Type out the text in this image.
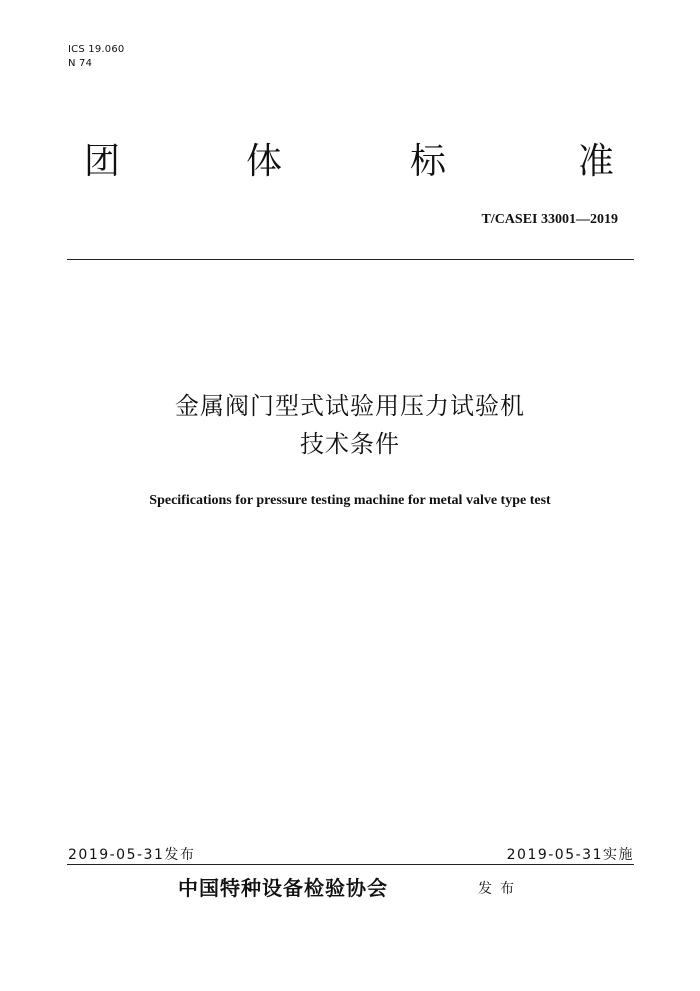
ICS 19.060
N 74
团	体	标	准
T/CASEI 33001—2019
金属阀门型式试验用压力试验机
技术条件
Specifications for pressure testing machine for metal valve type test
2019-05-31发布	2019-05-31实施
中国特种设备检验协会	发布
